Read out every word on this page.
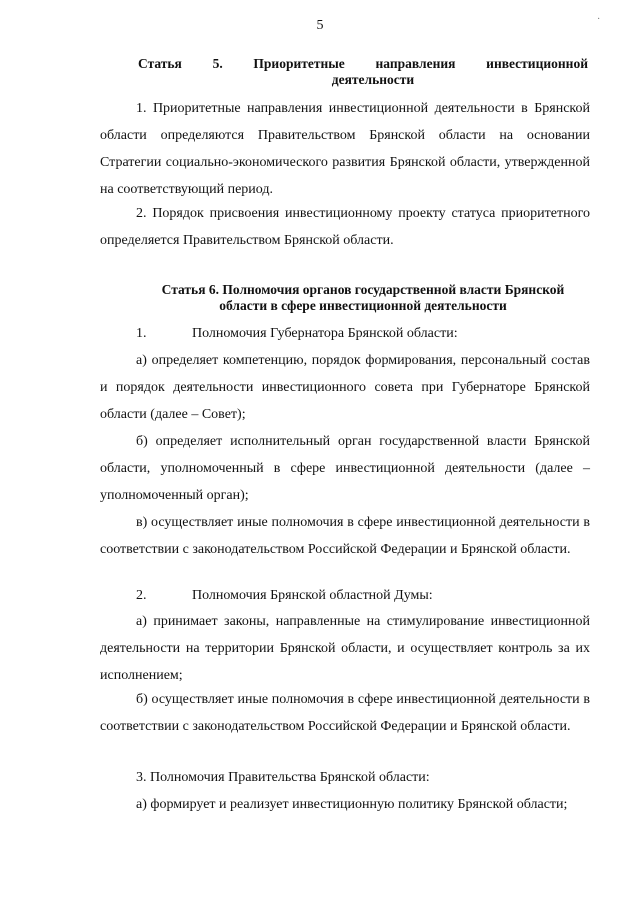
5	·
Статья 5. Приоритетные направления инвестиционной
деятельности
1. Приоритетные направления инвестиционной деятельности в Брянской области определяются Правительством Брянской области на основании Стратегии социально-экономического развития Брянской области, утвержденной на соответствующий период.
2. Порядок присвоения инвестиционному проекту статуса приоритетного определяется Правительством Брянской области.
Статья 6. Полномочия органов государственной власти Брянской
области в сфере инвестиционной деятельности
1.	Полномочия Губернатора Брянской области:
а) определяет компетенцию, порядок формирования, персональный состав и порядок деятельности инвестиционного совета при Губернаторе Брянской области (далее – Совет);
б) определяет исполнительный орган государственной власти Брянской области, уполномоченный в сфере инвестиционной деятельности (далее – уполномоченный орган);
в) осуществляет иные полномочия в сфере инвестиционной деятельности в соответствии с законодательством Российской Федерации и Брянской области.
2.	Полномочия Брянской областной Думы:
а) принимает законы, направленные на стимулирование инвестиционной деятельности на территории Брянской области, и осуществляет контроль за их исполнением;
б) осуществляет иные полномочия в сфере инвестиционной деятельности в соответствии с законодательством Российской Федерации и Брянской области.
3. Полномочия Правительства Брянской области:
а) формирует и реализует инвестиционную политику Брянской области;
